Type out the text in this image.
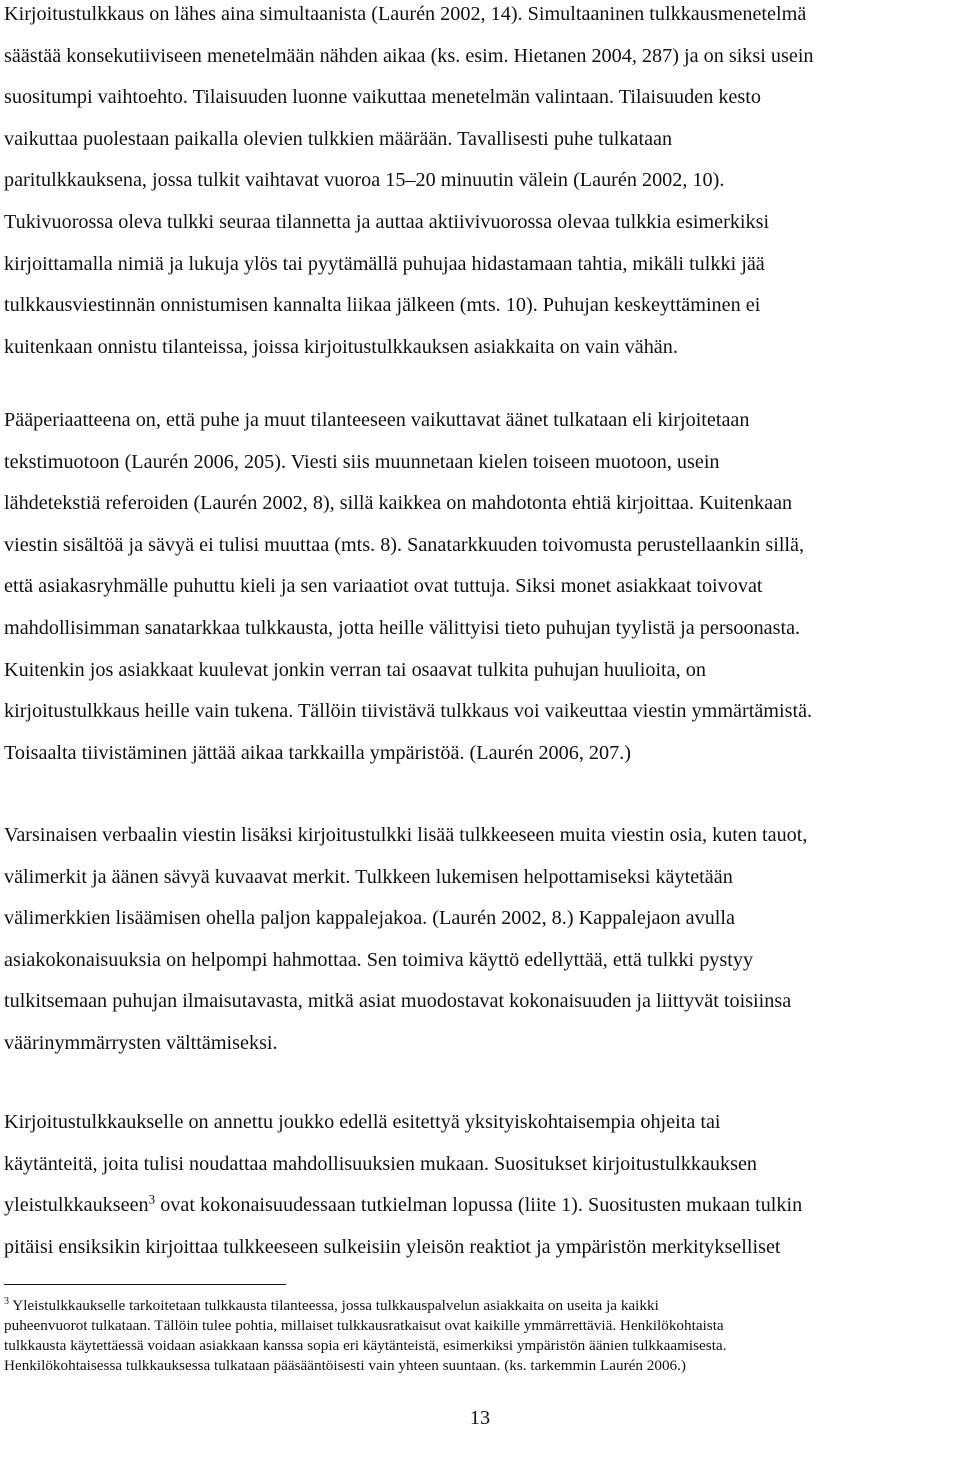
Kirjoitustulkkaus on lähes aina simultaanista (Laurén 2002, 14). Simultaaninen tulkkausmenetelmä
säästää konsekutiiviseen menetelmään nähden aikaa (ks. esim. Hietanen 2004, 287) ja on siksi usein
suositumpi vaihtoehto. Tilaisuuden luonne vaikuttaa menetelmän valintaan. Tilaisuuden kesto
vaikuttaa puolestaan paikalla olevien tulkkien määrään. Tavallisesti puhe tulkataan
paritulkkauksena, jossa tulkit vaihtavat vuoroa 15–20 minuutin välein (Laurén 2002, 10).
Tukivuorossa oleva tulkki seuraa tilannetta ja auttaa aktiivivuorossa olevaa tulkkia esimerkiksi
kirjoittamalla nimiä ja lukuja ylös tai pyytämällä puhujaa hidastamaan tahtia, mikäli tulkki jää
tulkkausviestinnän onnistumisen kannalta liikaa jälkeen (mts. 10). Puhujan keskeyttäminen ei
kuitenkaan onnistu tilanteissa, joissa kirjoitustulkkauksen asiakkaita on vain vähän.

Pääperiaatteena on, että puhe ja muut tilanteeseen vaikuttavat äänet tulkataan eli kirjoitetaan
tekstimuotoon (Laurén 2006, 205). Viesti siis muunnetaan kielen toiseen muotoon, usein
lähdetekstiä referoiden (Laurén 2002, 8), sillä kaikkea on mahdotonta ehtiä kirjoittaa. Kuitenkaan
viestin sisältöä ja sävyä ei tulisi muuttaa (mts. 8). Sanatarkkuuden toivomusta perustellaankin sillä,
että asiakasryhmälle puhuttu kieli ja sen variaatiot ovat tuttuja. Siksi monet asiakkaat toivovat
mahdollisimman sanatarkkaa tulkkausta, jotta heille välittyisi tieto puhujan tyylistä ja persoonasta.
Kuitenkin jos asiakkaat kuulevat jonkin verran tai osaavat tulkita puhujan huulioita, on
kirjoitustulkkaus heille vain tukena. Tällöin tiivistävä tulkkaus voi vaikeuttaa viestin ymmärtämistä.
Toisaalta tiivistäminen jättää aikaa tarkkailla ympäristöä. (Laurén 2006, 207.)

Varsinaisen verbaalin viestin lisäksi kirjoitustulkki lisää tulkkeeseen muita viestin osia, kuten tauot,
välimerkit ja äänen sävyä kuvaavat merkit. Tulkkeen lukemisen helpottamiseksi käytetään
välimerkkien lisäämisen ohella paljon kappalejakoa. (Laurén 2002, 8.) Kappalejaon avulla
asiakokonaisuuksia on helpompi hahmottaa. Sen toimiva käyttö edellyttää, että tulkki pystyy
tulkitsemaan puhujan ilmaisutavasta, mitkä asiat muodostavat kokonaisuuden ja liittyvät toisiinsa
väärinymmärrysten välttämiseksi.

Kirjoitustulkkaukselle on annettu joukko edellä esitettyä yksityiskohtaisempia ohjeita tai
käytänteitä, joita tulisi noudattaa mahdollisuuksien mukaan. Suositukset kirjoitustulkkauksen
yleistulkkaukseen$^3$ ovat kokonaisuudessaan tutkielman lopussa (liite 1). Suositusten mukaan tulkin
pitäisi ensiksikin kirjoittaa tulkkeeseen sulkeisiin yleisön reaktiot ja ympäristön merkitykselliset

$^3$ Yleistulkkaukselle tarkoitetaan tulkkausta tilanteessa, jossa tulkkauspalvelun asiakkaita on useita ja kaikki
puheenvuorot tulkataan. Tällöin tulee pohtia, millaiset tulkkausratkaisut ovat kaikille ymmärrettäviä. Henkilökohtaista
tulkkausta käytettäessä voidaan asiakkaan kanssa sopia eri käytänteistä, esimerkiksi ympäristön äänien tulkkaamisesta.
Henkilökohtaisessa tulkkauksessa tulkataan pääsääntöisesti vain yhteen suuntaan. (ks. tarkemmin Laurén 2006.)
13
